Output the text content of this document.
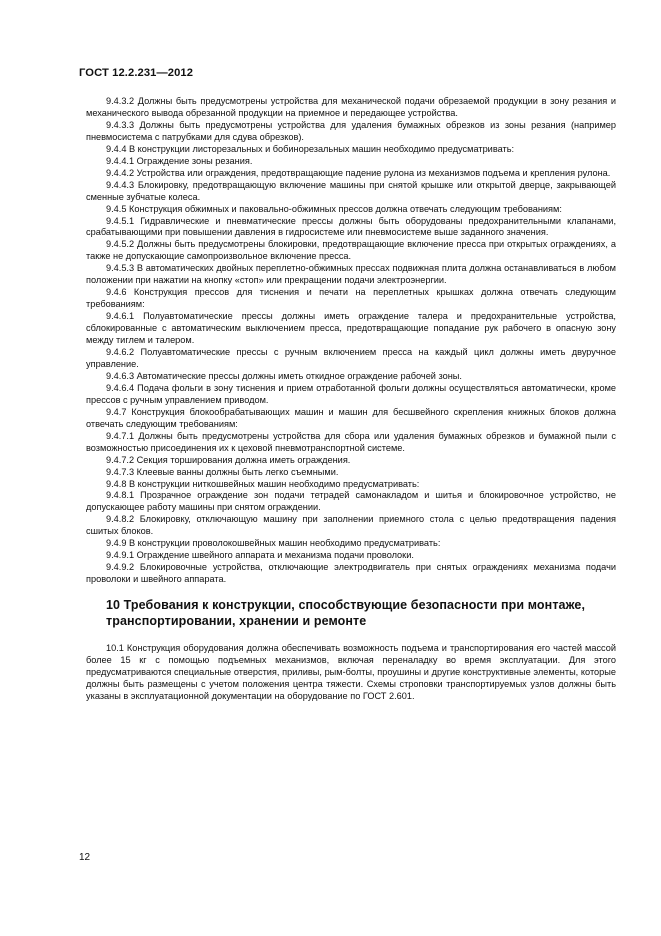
ГОСТ 12.2.231—2012

9.4.3.2 Должны быть предусмотрены устройства для механической подачи обрезаемой продукции в зону резания и механического вывода обрезанной продукции на приемное и передающее устройства.

9.4.3.3 Должны быть предусмотрены устройства для удаления бумажных обрезков из зоны резания (например пневмосистема с патрубками для сдува обрезков).

9.4.4 В конструкции листорезальных и бобинорезальных машин необходимо предусматривать:

9.4.4.1 Ограждение зоны резания.

9.4.4.2 Устройства или ограждения, предотвращающие падение рулона из механизмов подъема и крепления рулона.

9.4.4.3 Блокировку, предотвращающую включение машины при снятой крышке или открытой дверце, закрывающей сменные зубчатые колеса.

9.4.5 Конструкция обжимных и паковально-обжимных прессов должна отвечать следующим требованиям:

9.4.5.1 Гидравлические и пневматические прессы должны быть оборудованы предохранительными клапанами, срабатывающими при повышении давления в гидросистеме или пневмосистеме выше заданного значения.

9.4.5.2 Должны быть предусмотрены блокировки, предотвращающие включение пресса при открытых ограждениях, а также не допускающие самопроизвольное включение пресса.

9.4.5.3 В автоматических двойных переплетно-обжимных прессах подвижная плита должна останавливаться в любом положении при нажатии на кнопку «стоп» или прекращении подачи электроэнергии.

9.4.6 Конструкция прессов для тиснения и печати на переплетных крышках должна отвечать следующим требованиям:

9.4.6.1 Полуавтоматические прессы должны иметь ограждение талера и предохранительные устройства, сблокированные с автоматическим выключением пресса, предотвращающие попадание рук рабочего в опасную зону между тиглем и талером.

9.4.6.2 Полуавтоматические прессы с ручным включением пресса на каждый цикл должны иметь двуручное управление.

9.4.6.3 Автоматические прессы должны иметь откидное ограждение рабочей зоны.

9.4.6.4 Подача фольги в зону тиснения и прием отработанной фольги должны осуществляться автоматически, кроме прессов с ручным управлением приводом.

9.4.7 Конструкция блокообрабатывающих машин и машин для бесшвейного скрепления книжных блоков должна отвечать следующим требованиям:

9.4.7.1 Должны быть предусмотрены устройства для сбора или удаления бумажных обрезков и бумажной пыли с возможностью присоединения их к цеховой пневмотранспортной системе.

9.4.7.2 Секция торширования должна иметь ограждения.

9.4.7.3 Клеевые ванны должны быть легко съемными.

9.4.8 В конструкции ниткошвейных машин необходимо предусматривать:

9.4.8.1 Прозрачное ограждение зон подачи тетрадей самонакладом и шитья и блокировочное устройство, не допускающее работу машины при снятом ограждении.

9.4.8.2 Блокировку, отключающую машину при заполнении приемного стола с целью предотвращения падения сшитых блоков.

9.4.9 В конструкции проволокошвейных машин необходимо предусматривать:

9.4.9.1 Ограждение швейного аппарата и механизма подачи проволоки.

9.4.9.2 Блокировочные устройства, отключающие электродвигатель при снятых ограждениях механизма подачи проволоки и швейного аппарата.

10 Требования к конструкции, способствующие безопасности при монтаже, транспортировании, хранении и ремонте

10.1 Конструкция оборудования должна обеспечивать возможность подъема и транспортирования его частей массой более 15 кг с помощью подъемных механизмов, включая переналадку во время эксплуатации. Для этого предусматриваются специальные отверстия, приливы, рым-болты, проушины и другие конструктивные элементы, которые должны быть размещены с учетом положения центра тяжести. Схемы строповки транспортируемых узлов должны быть указаны в эксплуатационной документации на оборудование по ГОСТ 2.601.

12
